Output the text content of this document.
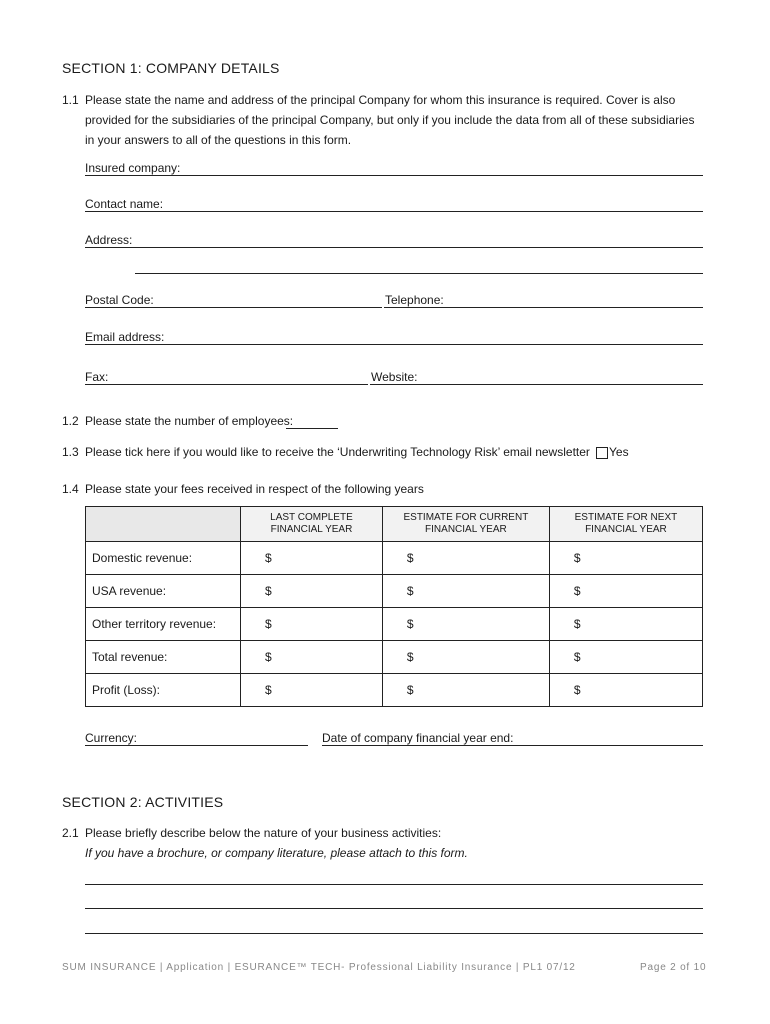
SECTION 1: COMPANY DETAILS
1.1 Please state the name and address of the principal Company for whom this insurance is required. Cover is also provided for the subsidiaries of the principal Company, but only if you include the data from all of these subsidiaries in your answers to all of the questions in this form.
Insured company:
Contact name:
Address:
Postal Code:	Telephone:
Email address:
Fax:	Website:
1.2 Please state the number of employees:
1.3 Please tick here if you would like to receive the ‘Underwriting Technology Risk’ email newsletter Yes
1.4 Please state your fees received in respect of the following years
	LAST COMPLETE FINANCIAL YEAR	ESTIMATE FOR CURRENT FINANCIAL YEAR	ESTIMATE FOR NEXT FINANCIAL YEAR
Domestic revenue:	$	$	$
USA revenue:	$	$	$
Other territory revenue:	$	$	$
Total revenue:	$	$	$
Profit (Loss):	$	$	$
Currency:	Date of company financial year end:
SECTION 2: ACTIVITIES
2.1 Please briefly describe below the nature of your business activities:
If you have a brochure, or company literature, please attach to this form.
SUM INSURANCE | Application | ESURANCE™ TECH- Professional Liability Insurance | PL1 07/12	Page 2 of 10
